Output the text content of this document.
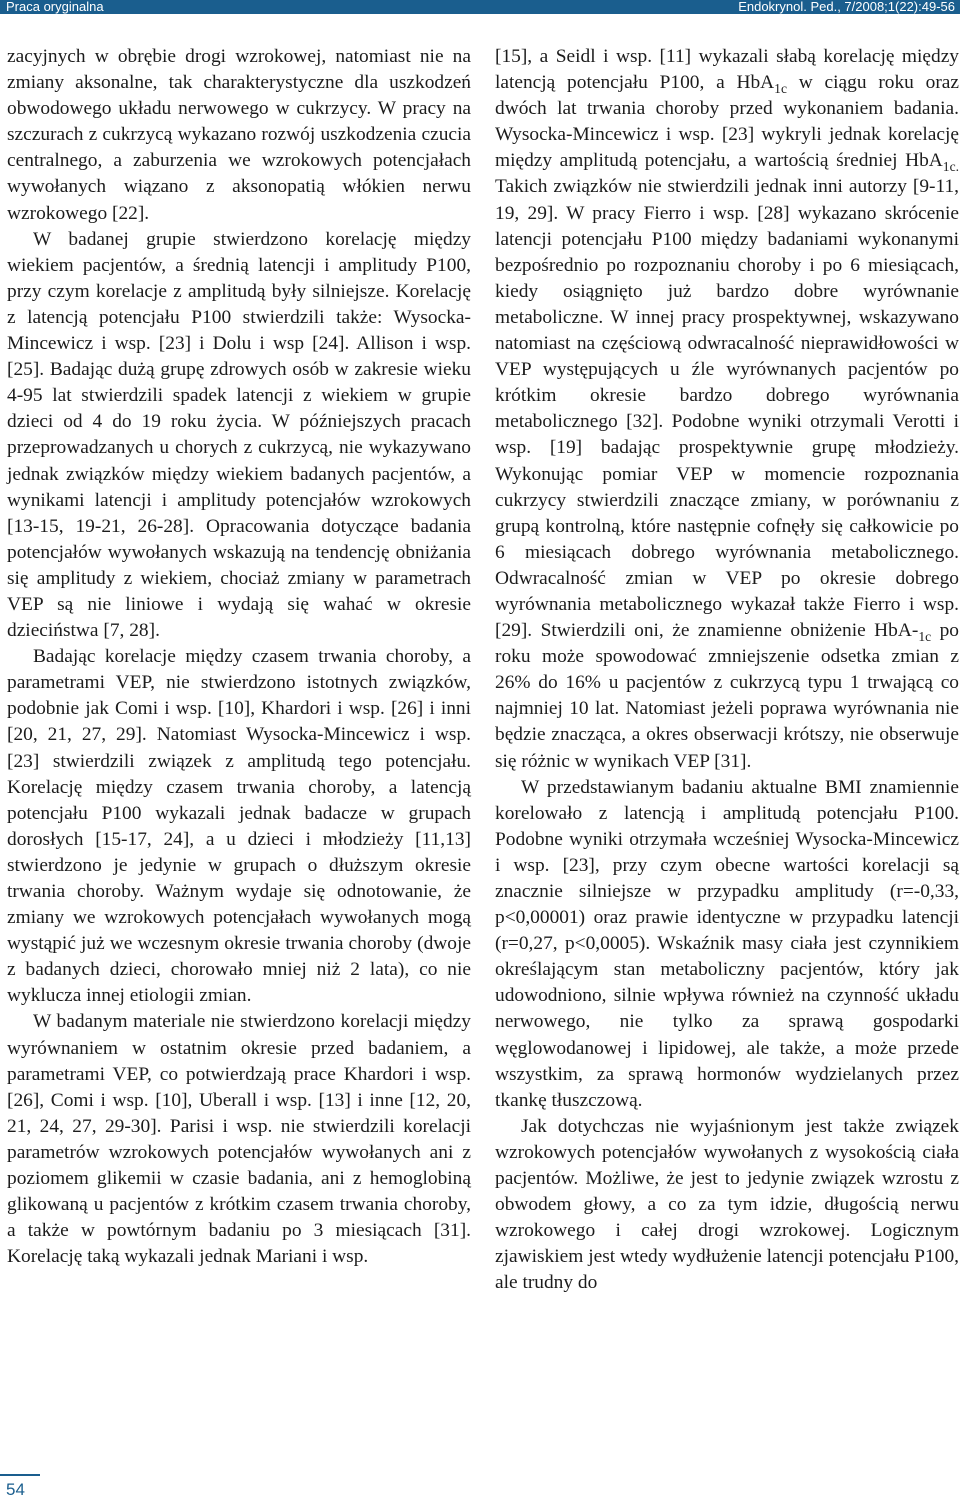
Praca oryginalna	Endokrynol. Ped., 7/2008;1(22):49-56

zacyjnych w obrębie drogi wzrokowej, natomiast nie na zmiany aksonalne, tak charakterystyczne dla uszkodzeń obwodowego układu nerwowego w cukrzycy. W pracy na szczurach z cukrzycą wykazano rozwój uszkodzenia czucia centralnego, a zaburzenia we wzrokowych potencjałach wywołanych wiązano z aksonopatią włókien nerwu wzrokowego [22].

W badanej grupie stwierdzono korelację między wiekiem pacjentów, a średnią latencji i amplitudy P100, przy czym korelacje z amplitudą były silniejsze. Korelację z latencją potencjału P100 stwierdzili także: Wysocka-Mincewicz i wsp. [23] i Dolu i wsp [24]. Allison i wsp. [25]. Badając dużą grupę zdrowych osób w zakresie wieku 4-95 lat stwierdzili spadek latencji z wiekiem w grupie dzieci od 4 do 19 roku życia. W późniejszych pracach przeprowadzanych u chorych z cukrzycą, nie wykazywano jednak związków między wiekiem badanych pacjentów, a wynikami latencji i amplitudy potencjałów wzrokowych [13-15, 19-21, 26-28]. Opracowania dotyczące badania potencjałów wywołanych wskazują na tendencję obniżania się amplitudy z wiekiem, chociaż zmiany w parametrach VEP są nie liniowe i wydają się wahać w okresie dzieciństwa [7, 28].

Badając korelacje między czasem trwania choroby, a parametrami VEP, nie stwierdzono istotnych związków, podobnie jak Comi i wsp. [10], Khardori i wsp. [26] i inni [20, 21, 27, 29]. Natomiast Wysocka-Mincewicz i wsp. [23] stwierdzili związek z amplitudą tego potencjału. Korelację między czasem trwania choroby, a latencją potencjału P100 wykazali jednak badacze w grupach dorosłych [15-17, 24], a u dzieci i młodzieży [11,13] stwierdzono je jedynie w grupach o dłuższym okresie trwania choroby. Ważnym wydaje się odnotowanie, że zmiany we wzrokowych potencjałach wywołanych mogą wystąpić już we wczesnym okresie trwania choroby (dwoje z badanych dzieci, chorowało mniej niż 2 lata), co nie wyklucza innej etiologii zmian.

W badanym materiale nie stwierdzono korelacji między wyrównaniem w ostatnim okresie przed badaniem, a parametrami VEP, co potwierdzają prace Khardori i wsp. [26], Comi i wsp. [10], Uberall i wsp. [13] i inne [12, 20, 21, 24, 27, 29-30]. Parisi i wsp. nie stwierdzili korelacji parametrów wzrokowych potencjałów wywołanych ani z poziomem glikemii w czasie badania, ani z hemoglobiną glikowaną u pacjentów z krótkim czasem trwania choroby, a także w powtórnym badaniu po 3 miesiącach [31]. Korelację taką wykazali jednak Mariani i wsp.

[15], a Seidl i wsp. [11] wykazali słabą korelację między latencją potencjału P100, a HbA$_{1c}$ w ciągu roku oraz dwóch lat trwania choroby przed wykonaniem badania. Wysocka-Mincewicz i wsp. [23] wykryli jednak korelację między amplitudą potencjału, a wartością średniej HbA$_{1c.}$ Takich związków nie stwierdzili jednak inni autorzy [9-11, 19, 29]. W pracy Fierro i wsp. [28] wykazano skrócenie latencji potencjału P100 między badaniami wykonanymi bezpośrednio po rozpoznaniu choroby i po 6 miesiącach, kiedy osiągnięto już bardzo dobre wyrównanie metaboliczne. W innej pracy prospektywnej, wskazywano natomiast na częściową odwracalność nieprawidłowości w VEP występujących u źle wyrównanych pacjentów po krótkim okresie bardzo dobrego wyrównania metabolicznego [32]. Podobne wyniki otrzymali Verotti i wsp. [19] badając prospektywnie grupę młodzieży. Wykonując pomiar VEP w momencie rozpoznania cukrzycy stwierdzili znaczące zmiany, w porównaniu z grupą kontrolną, które następnie cofnęły się całkowicie po 6 miesiącach dobrego wyrównania metabolicznego. Odwracalność zmian w VEP po okresie dobrego wyrównania metabolicznego wykazał także Fierro i wsp. [29]. Stwierdzili oni, że znamienne obniżenie HbA-$_{1c}$ po roku może spowodować zmniejszenie odsetka zmian z 26% do 16% u pacjentów z cukrzycą typu 1 trwającą co najmniej 10 lat. Natomiast jeżeli poprawa wyrównania nie będzie znacząca, a okres obserwacji krótszy, nie obserwuje się różnic w wynikach VEP [31].

W przedstawianym badaniu aktualne BMI znamiennie korelowało z latencją i amplitudą potencjału P100. Podobne wyniki otrzymała wcześniej Wysocka-Mincewicz i wsp. [23], przy czym obecne wartości korelacji są znacznie silniejsze w przypadku amplitudy (r=-0,33, p<0,00001) oraz prawie identyczne w przypadku latencji (r=0,27, p<0,0005). Wskaźnik masy ciała jest czynnikiem określającym stan metaboliczny pacjentów, który jak udowodniono, silnie wpływa również na czynność układu nerwowego, nie tylko za sprawą gospodarki węglowodanowej i lipidowej, ale także, a może przede wszystkim, za sprawą hormonów wydzielanych przez tkankę tłuszczową.

Jak dotychczas nie wyjaśnionym jest także związek wzrokowych potencjałów wywołanych z wysokością ciała pacjentów. Możliwe, że jest to jedynie związek wzrostu z obwodem głowy, a co za tym idzie, długością nerwu wzrokowego i całej drogi wzrokowej. Logicznym zjawiskiem jest wtedy wydłużenie latencji potencjału P100, ale trudny do

54
